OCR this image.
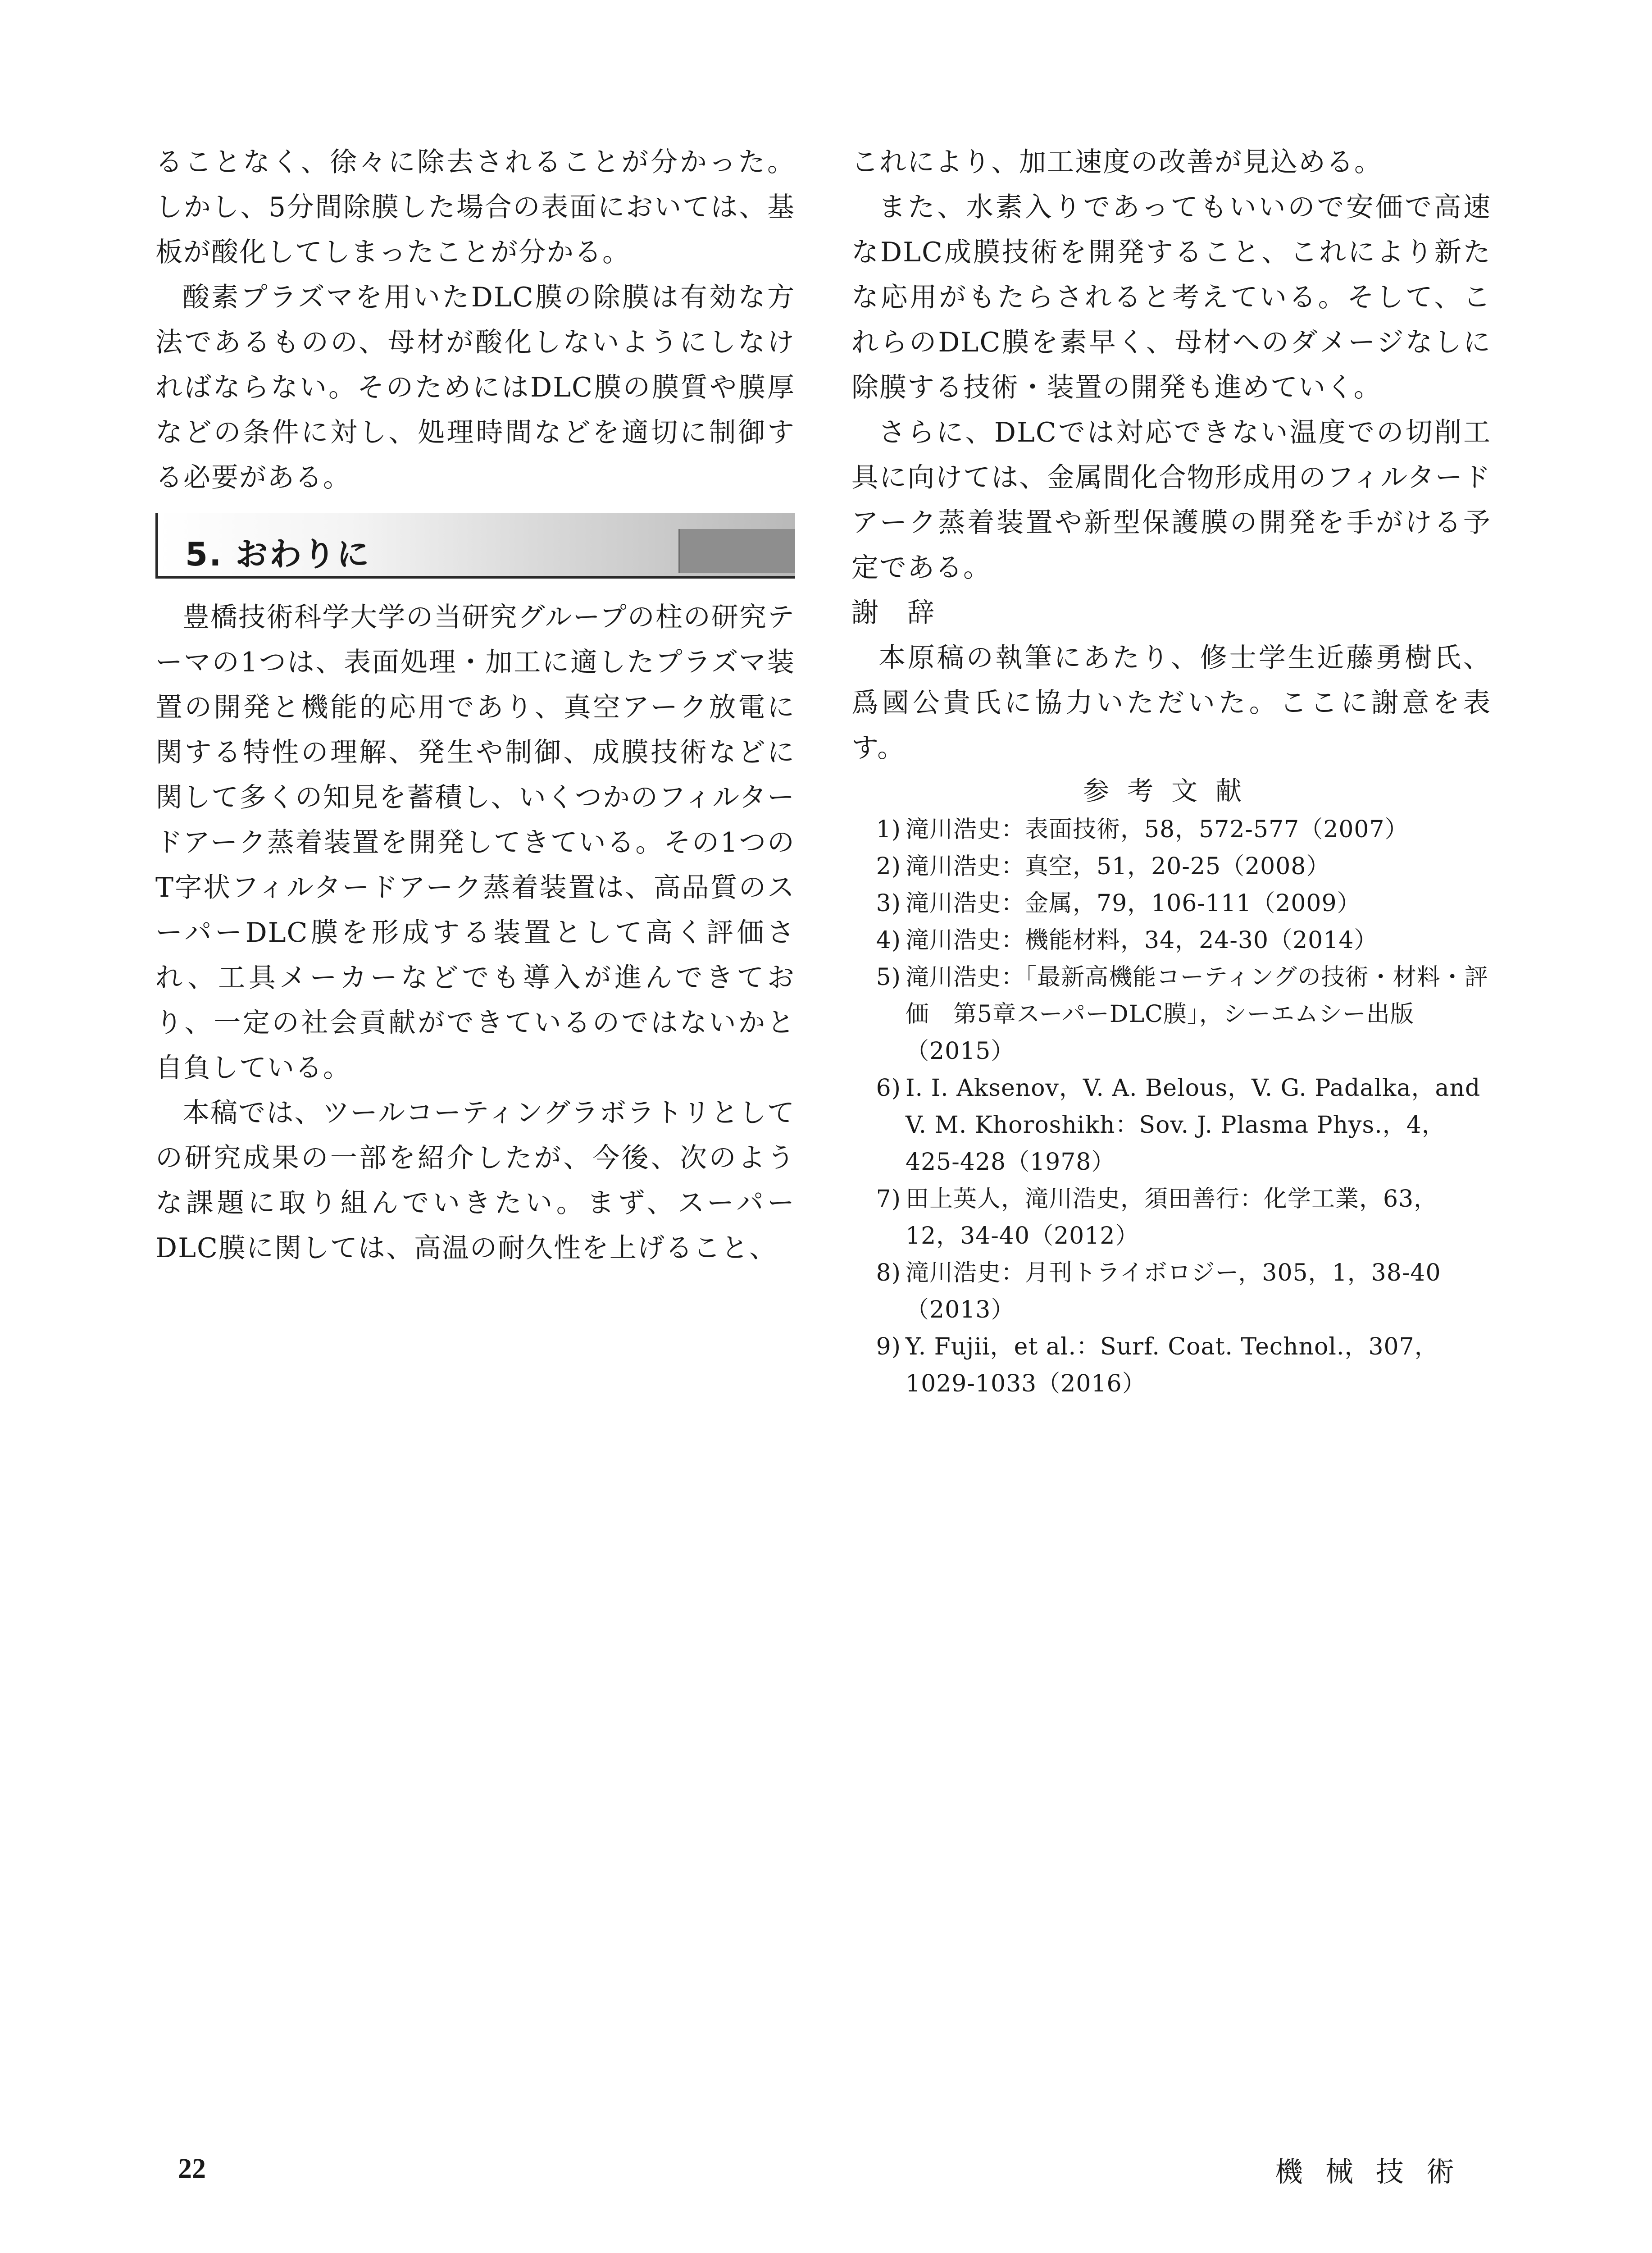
ることなく、徐々に除去されることが分かった。しかし、5分間除膜した場合の表面においては、基板が酸化してしまったことが分かる。

酸素プラズマを用いたDLC膜の除膜は有効な方法であるものの、母材が酸化しないようにしなければならない。そのためにはDLC膜の膜質や膜厚などの条件に対し、処理時間などを適切に制御する必要がある。

5. おわりに

豊橋技術科学大学の当研究グループの柱の研究テーマの1つは、表面処理・加工に適したプラズマ装置の開発と機能的応用であり、真空アーク放電に関する特性の理解、発生や制御、成膜技術などに関して多くの知見を蓄積し、いくつかのフィルタードアーク蒸着装置を開発してきている。その1つのT字状フィルタードアーク蒸着装置は、高品質のスーパーDLC膜を形成する装置として高く評価され、工具メーカーなどでも導入が進んできており、一定の社会貢献ができているのではないかと自負している。

本稿では、ツールコーティングラボラトリとしての研究成果の一部を紹介したが、今後、次のような課題に取り組んでいきたい。まず、スーパーDLC膜に関しては、高温の耐久性を上げること、

これにより、加工速度の改善が見込める。

また、水素入りであってもいいので安価で高速なDLC成膜技術を開発すること、これにより新たな応用がもたらされると考えている。そして、これらのDLC膜を素早く、母材へのダメージなしに除膜する技術・装置の開発も進めていく。

さらに、DLCでは対応できない温度での切削工具に向けては、金属間化合物形成用のフィルタードアーク蒸着装置や新型保護膜の開発を手がける予定である。

謝　辞

本原稿の執筆にあたり、修士学生近藤勇樹氏、爲國公貴氏に協力いただいた。ここに謝意を表す。

参考文献

1) 滝川浩史：表面技術，58，572-577（2007）

2) 滝川浩史：真空，51，20-25（2008）

3) 滝川浩史：金属，79，106-111（2009）

4) 滝川浩史：機能材料，34，24-30（2014）

5) 滝川浩史：「最新高機能コーティングの技術・材料・評価　第5章スーパーDLC膜」，シーエムシー出版（2015）

6) I. I. Aksenov，V. A. Belous，V. G. Padalka，and V. M. Khoroshikh：Sov. J. Plasma Phys.，4，425-428（1978）

7) 田上英人，滝川浩史，須田善行：化学工業，63，12，34-40（2012）

8) 滝川浩史：月刊トライボロジー，305，1，38-40（2013）

9) Y. Fujii，et al.：Surf. Coat. Technol.，307，1029-1033（2016）

22	機械技術
